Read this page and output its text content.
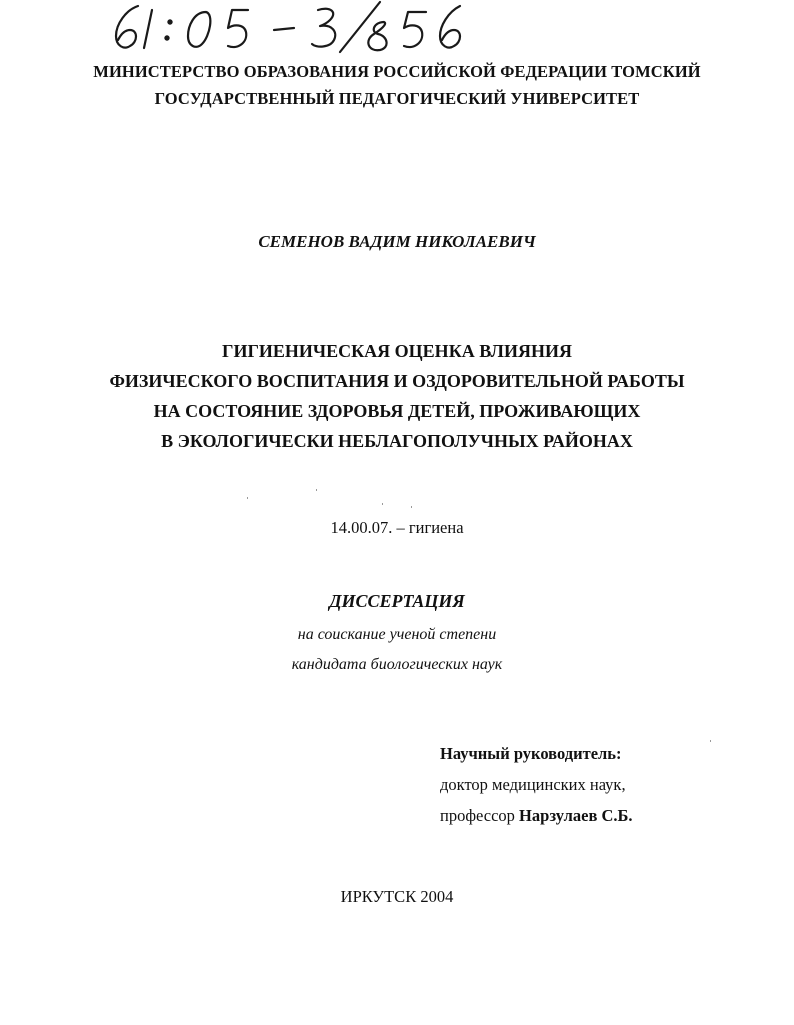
МИНИСТЕРСТВО ОБРАЗОВАНИЯ РОССИЙСКОЙ ФЕДЕРАЦИИ ТОМСКИЙ
ГОСУДАРСТВЕННЫЙ ПЕДАГОГИЧЕСКИЙ УНИВЕРСИТЕТ
СЕМЕНОВ ВАДИМ НИКОЛАЕВИЧ
ГИГИЕНИЧЕСКАЯ ОЦЕНКА ВЛИЯНИЯ
ФИЗИЧЕСКОГО ВОСПИТАНИЯ И ОЗДОРОВИТЕЛЬНОЙ РАБОТЫ
НА СОСТОЯНИЕ ЗДОРОВЬЯ ДЕТЕЙ, ПРОЖИВАЮЩИХ
В ЭКОЛОГИЧЕСКИ НЕБЛАГОПОЛУЧНЫХ РАЙОНАХ
14.00.07. – гигиена
ДИССЕРТАЦИЯ
на соискание ученой степени
кандидата биологических наук
Научный руководитель:
доктор медицинских наук,
профессор Нарзулаев С.Б.
ИРКУТСК 2004
